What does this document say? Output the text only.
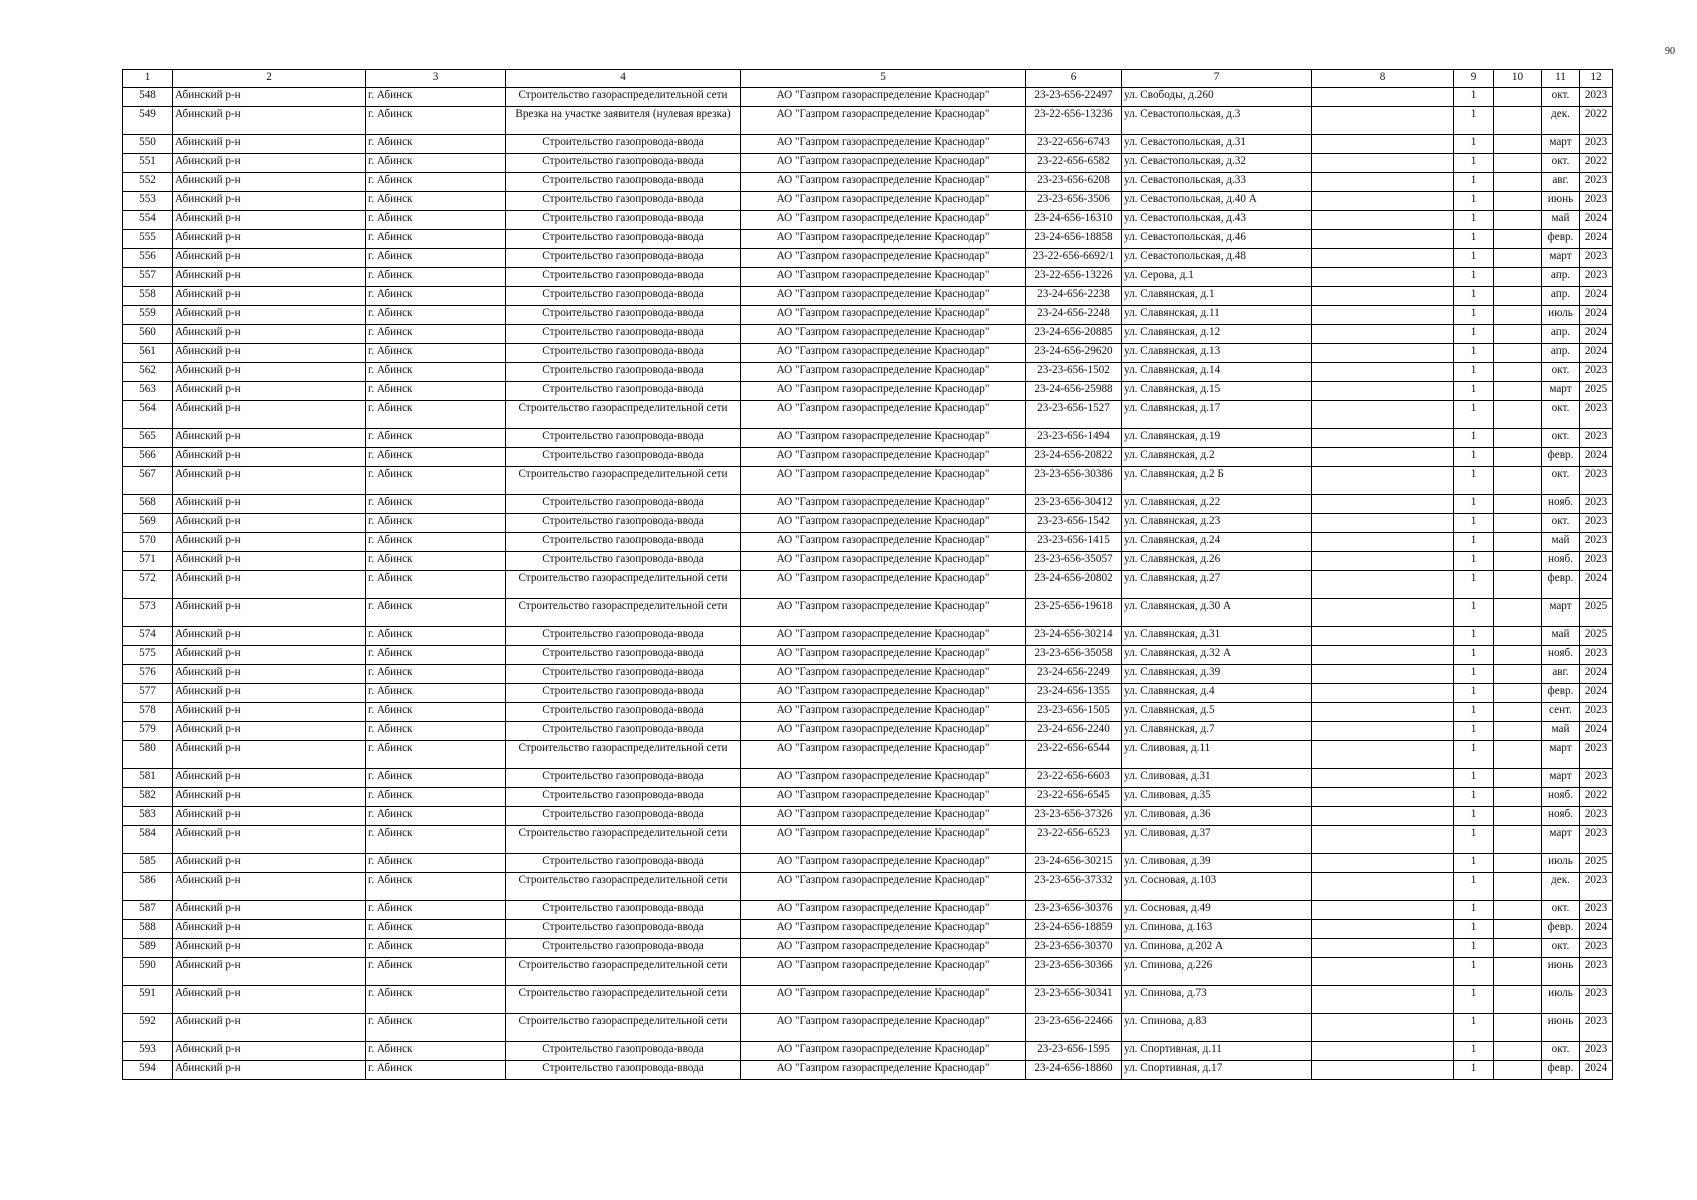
90
1	2	3	4	5	6	7	8	9	10	11	12
548	Абинский р-н	г. Абинск	Строительство газораспределительной сети	АО "Газпром газораспределение Краснодар"	23-23-656-22497	ул. Свободы, д.260		1		окт.	2023
549	Абинский р-н	г. Абинск	Врезка на участке заявителя (нулевая врезка)	АО "Газпром газораспределение Краснодар"	23-22-656-13236	ул. Севастопольская, д.3		1		дек.	2022
550	Абинский р-н	г. Абинск	Строительство газопровода-ввода	АО "Газпром газораспределение Краснодар"	23-22-656-6743	ул. Севастопольская, д.31		1		март	2023
551	Абинский р-н	г. Абинск	Строительство газопровода-ввода	АО "Газпром газораспределение Краснодар"	23-22-656-6582	ул. Севастопольская, д.32		1		окт.	2022
552	Абинский р-н	г. Абинск	Строительство газопровода-ввода	АО "Газпром газораспределение Краснодар"	23-23-656-6208	ул. Севастопольская, д.33		1		авг.	2023
553	Абинский р-н	г. Абинск	Строительство газопровода-ввода	АО "Газпром газораспределение Краснодар"	23-23-656-3506	ул. Севастопольская, д.40 А		1		июнь	2023
554	Абинский р-н	г. Абинск	Строительство газопровода-ввода	АО "Газпром газораспределение Краснодар"	23-24-656-16310	ул. Севастопольская, д.43		1		май	2024
555	Абинский р-н	г. Абинск	Строительство газопровода-ввода	АО "Газпром газораспределение Краснодар"	23-24-656-18858	ул. Севастопольская, д.46		1		февр.	2024
556	Абинский р-н	г. Абинск	Строительство газопровода-ввода	АО "Газпром газораспределение Краснодар"	23-22-656-6692/1	ул. Севастопольская, д.48		1		март	2023
557	Абинский р-н	г. Абинск	Строительство газопровода-ввода	АО "Газпром газораспределение Краснодар"	23-22-656-13226	ул. Серова, д.1		1		апр.	2023
558	Абинский р-н	г. Абинск	Строительство газопровода-ввода	АО "Газпром газораспределение Краснодар"	23-24-656-2238	ул. Славянская, д.1		1		апр.	2024
559	Абинский р-н	г. Абинск	Строительство газопровода-ввода	АО "Газпром газораспределение Краснодар"	23-24-656-2248	ул. Славянская, д.11		1		июль	2024
560	Абинский р-н	г. Абинск	Строительство газопровода-ввода	АО "Газпром газораспределение Краснодар"	23-24-656-20885	ул. Славянская, д.12		1		апр.	2024
561	Абинский р-н	г. Абинск	Строительство газопровода-ввода	АО "Газпром газораспределение Краснодар"	23-24-656-29620	ул. Славянская, д.13		1		апр.	2024
562	Абинский р-н	г. Абинск	Строительство газопровода-ввода	АО "Газпром газораспределение Краснодар"	23-23-656-1502	ул. Славянская, д.14		1		окт.	2023
563	Абинский р-н	г. Абинск	Строительство газопровода-ввода	АО "Газпром газораспределение Краснодар"	23-24-656-25988	ул. Славянская, д.15		1		март	2025
564	Абинский р-н	г. Абинск	Строительство газораспределительной сети	АО "Газпром газораспределение Краснодар"	23-23-656-1527	ул. Славянская, д.17		1		окт.	2023
565	Абинский р-н	г. Абинск	Строительство газопровода-ввода	АО "Газпром газораспределение Краснодар"	23-23-656-1494	ул. Славянская, д.19		1		окт.	2023
566	Абинский р-н	г. Абинск	Строительство газопровода-ввода	АО "Газпром газораспределение Краснодар"	23-24-656-20822	ул. Славянская, д.2		1		февр.	2024
567	Абинский р-н	г. Абинск	Строительство газораспределительной сети	АО "Газпром газораспределение Краснодар"	23-23-656-30386	ул. Славянская, д.2 Б		1		окт.	2023
568	Абинский р-н	г. Абинск	Строительство газопровода-ввода	АО "Газпром газораспределение Краснодар"	23-23-656-30412	ул. Славянская, д.22		1		нояб.	2023
569	Абинский р-н	г. Абинск	Строительство газопровода-ввода	АО "Газпром газораспределение Краснодар"	23-23-656-1542	ул. Славянская, д.23		1		окт.	2023
570	Абинский р-н	г. Абинск	Строительство газопровода-ввода	АО "Газпром газораспределение Краснодар"	23-23-656-1415	ул. Славянская, д.24		1		май	2023
571	Абинский р-н	г. Абинск	Строительство газопровода-ввода	АО "Газпром газораспределение Краснодар"	23-23-656-35057	ул. Славянская, д.26		1		нояб.	2023
572	Абинский р-н	г. Абинск	Строительство газораспределительной сети	АО "Газпром газораспределение Краснодар"	23-24-656-20802	ул. Славянская, д.27		1		февр.	2024
573	Абинский р-н	г. Абинск	Строительство газораспределительной сети	АО "Газпром газораспределение Краснодар"	23-25-656-19618	ул. Славянская, д.30 А		1		март	2025
574	Абинский р-н	г. Абинск	Строительство газопровода-ввода	АО "Газпром газораспределение Краснодар"	23-24-656-30214	ул. Славянская, д.31		1		май	2025
575	Абинский р-н	г. Абинск	Строительство газопровода-ввода	АО "Газпром газораспределение Краснодар"	23-23-656-35058	ул. Славянская, д.32 А		1		нояб.	2023
576	Абинский р-н	г. Абинск	Строительство газопровода-ввода	АО "Газпром газораспределение Краснодар"	23-24-656-2249	ул. Славянская, д.39		1		авг.	2024
577	Абинский р-н	г. Абинск	Строительство газопровода-ввода	АО "Газпром газораспределение Краснодар"	23-24-656-1355	ул. Славянская, д.4		1		февр.	2024
578	Абинский р-н	г. Абинск	Строительство газопровода-ввода	АО "Газпром газораспределение Краснодар"	23-23-656-1505	ул. Славянская, д.5		1		сент.	2023
579	Абинский р-н	г. Абинск	Строительство газопровода-ввода	АО "Газпром газораспределение Краснодар"	23-24-656-2240	ул. Славянская, д.7		1		май	2024
580	Абинский р-н	г. Абинск	Строительство газораспределительной сети	АО "Газпром газораспределение Краснодар"	23-22-656-6544	ул. Сливовая, д.11		1		март	2023
581	Абинский р-н	г. Абинск	Строительство газопровода-ввода	АО "Газпром газораспределение Краснодар"	23-22-656-6603	ул. Сливовая, д.31		1		март	2023
582	Абинский р-н	г. Абинск	Строительство газопровода-ввода	АО "Газпром газораспределение Краснодар"	23-22-656-6545	ул. Сливовая, д.35		1		нояб.	2022
583	Абинский р-н	г. Абинск	Строительство газопровода-ввода	АО "Газпром газораспределение Краснодар"	23-23-656-37326	ул. Сливовая, д.36		1		нояб.	2023
584	Абинский р-н	г. Абинск	Строительство газораспределительной сети	АО "Газпром газораспределение Краснодар"	23-22-656-6523	ул. Сливовая, д.37		1		март	2023
585	Абинский р-н	г. Абинск	Строительство газопровода-ввода	АО "Газпром газораспределение Краснодар"	23-24-656-30215	ул. Сливовая, д.39		1		июль	2025
586	Абинский р-н	г. Абинск	Строительство газораспределительной сети	АО "Газпром газораспределение Краснодар"	23-23-656-37332	ул. Сосновая, д.103		1		дек.	2023
587	Абинский р-н	г. Абинск	Строительство газопровода-ввода	АО "Газпром газораспределение Краснодар"	23-23-656-30376	ул. Сосновая, д.49		1		окт.	2023
588	Абинский р-н	г. Абинск	Строительство газопровода-ввода	АО "Газпром газораспределение Краснодар"	23-24-656-18859	ул. Спинова, д.163		1		февр.	2024
589	Абинский р-н	г. Абинск	Строительство газопровода-ввода	АО "Газпром газораспределение Краснодар"	23-23-656-30370	ул. Спинова, д.202 А		1		окт.	2023
590	Абинский р-н	г. Абинск	Строительство газораспределительной сети	АО "Газпром газораспределение Краснодар"	23-23-656-30366	ул. Спинова, д.226		1		июнь	2023
591	Абинский р-н	г. Абинск	Строительство газораспределительной сети	АО "Газпром газораспределение Краснодар"	23-23-656-30341	ул. Спинова, д.73		1		июль	2023
592	Абинский р-н	г. Абинск	Строительство газораспределительной сети	АО "Газпром газораспределение Краснодар"	23-23-656-22466	ул. Спинова, д.83		1		июнь	2023
593	Абинский р-н	г. Абинск	Строительство газопровода-ввода	АО "Газпром газораспределение Краснодар"	23-23-656-1595	ул. Спортивная, д.11		1		окт.	2023
594	Абинский р-н	г. Абинск	Строительство газопровода-ввода	АО "Газпром газораспределение Краснодар"	23-24-656-18860	ул. Спортивная, д.17		1		февр.	2024
